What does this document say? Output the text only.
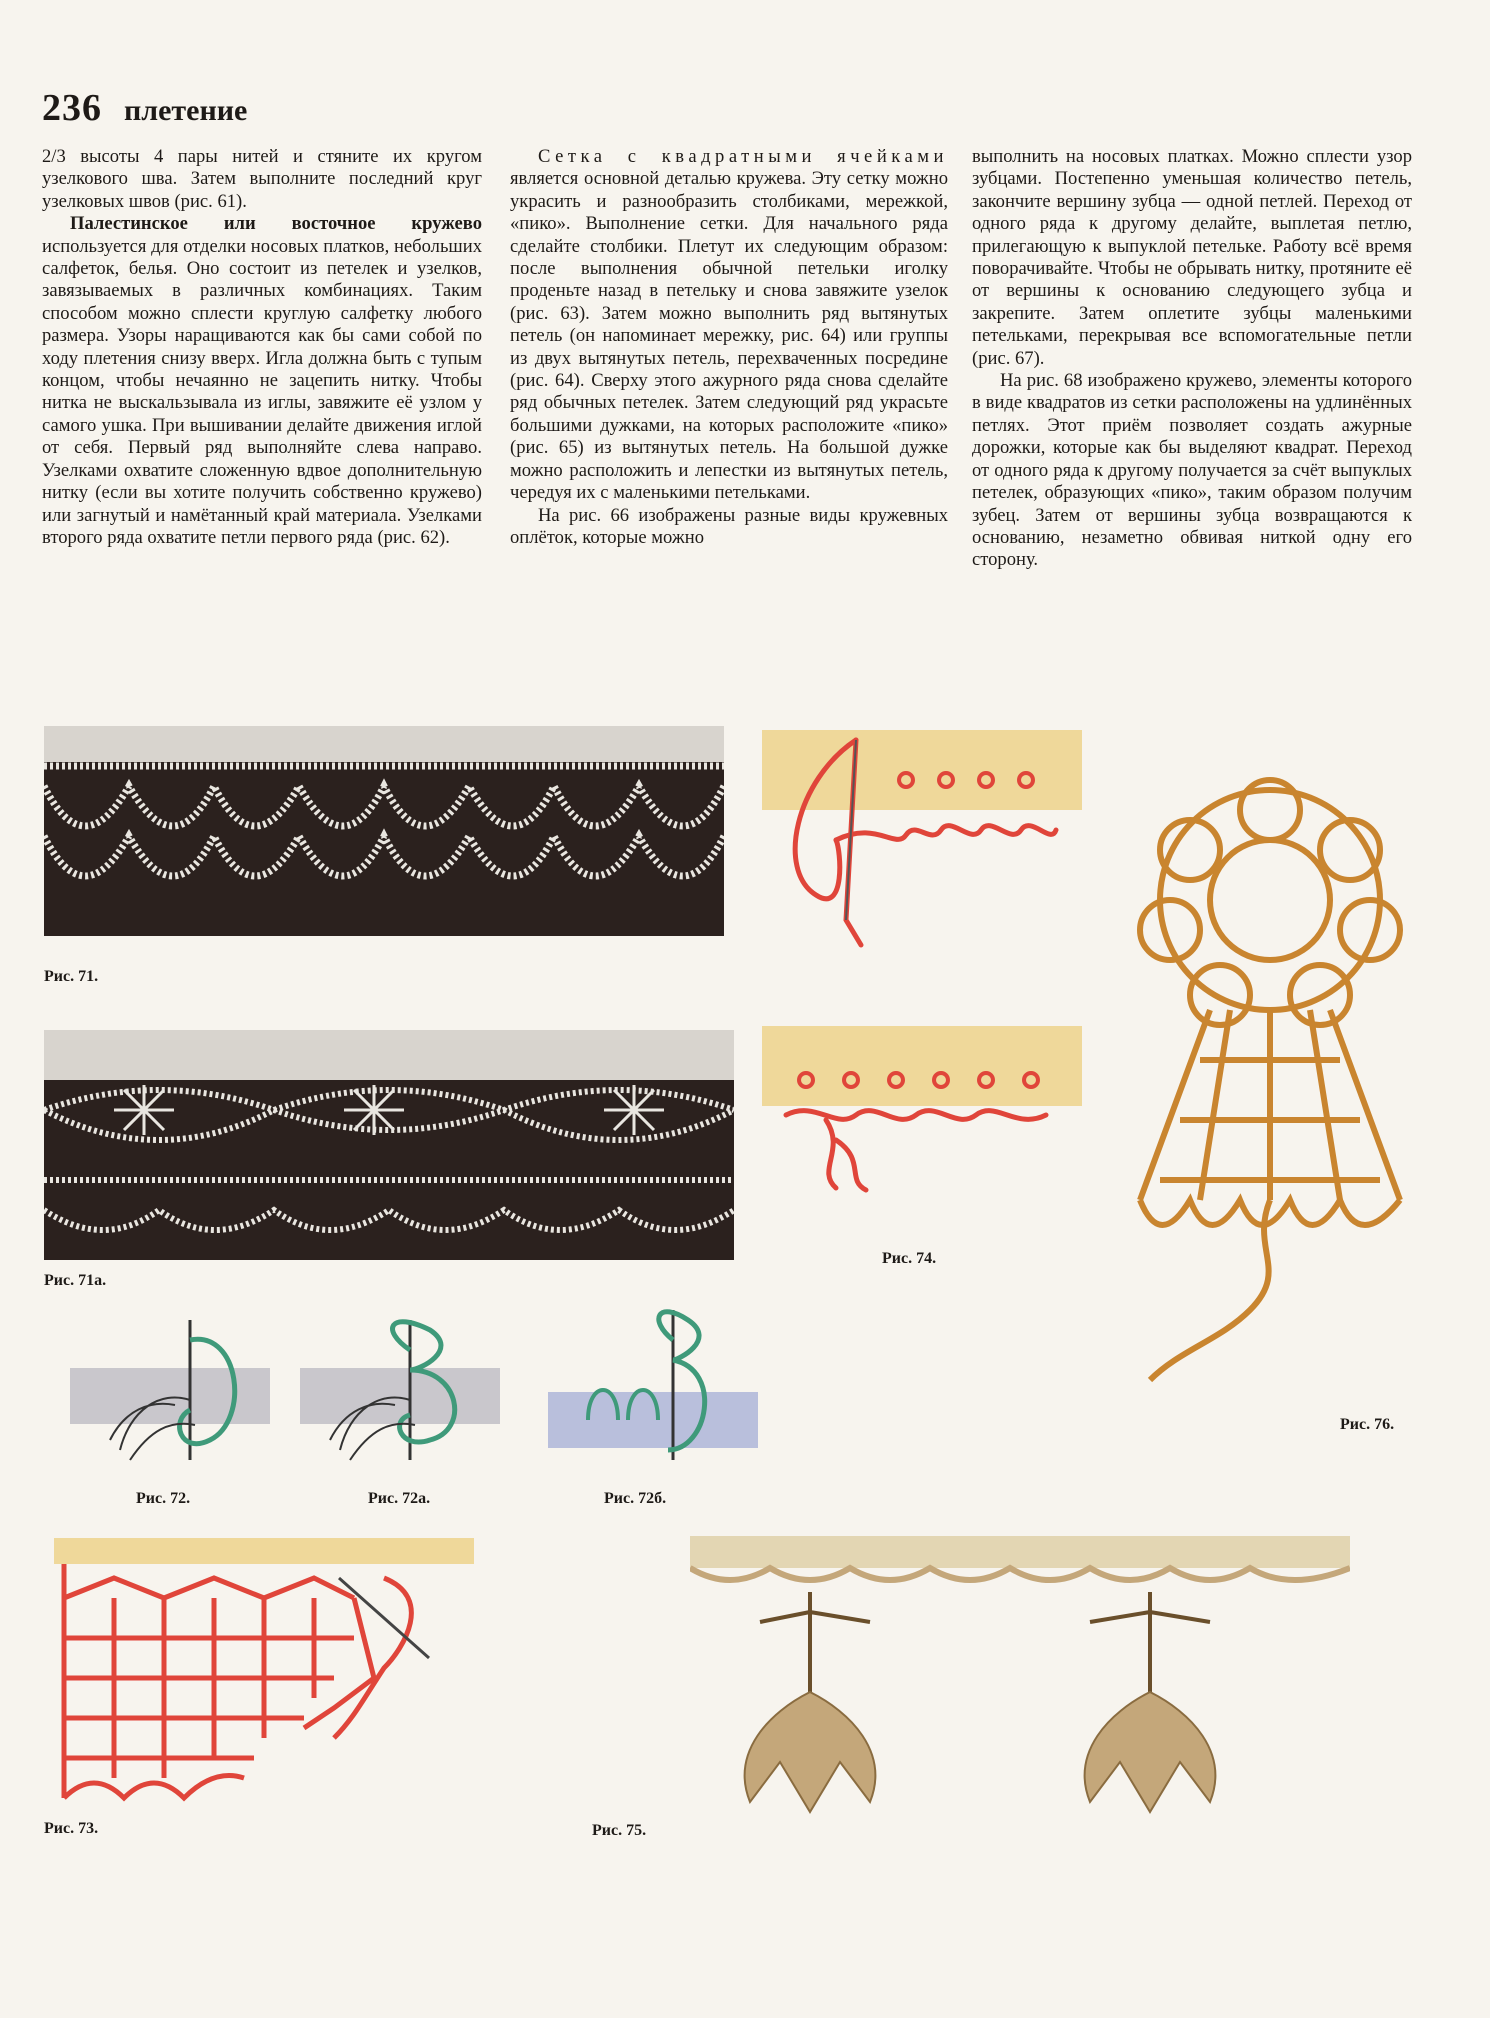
236 плетение

2/3 высоты 4 пары нитей и стяните их кругом узелкового шва. Затем выполните последний круг узелковых швов (рис. 61).

Палестинское или восточное кружево используется для отделки носовых платков, небольших салфеток, белья. Оно состоит из петелек и узелков, завязываемых в различных комбинациях. Таким способом можно сплести круглую салфетку любого размера. Узоры наращиваются как бы сами собой по ходу плетения снизу вверх. Игла должна быть с тупым концом, чтобы нечаянно не зацепить нитку. Чтобы нитка не выскальзывала из иглы, завяжите её узлом у самого ушка. При вышивании делайте движения иглой от себя. Первый ряд выполняйте слева направо. Узелками охватите сложенную вдвое дополнительную нитку (если вы хотите получить собственно кружево) или загнутый и намётанный край материала. Узелками второго ряда охватите петли первого ряда (рис. 62).

Сетка с квадратными ячейками является основной деталью кружева. Эту сетку можно украсить и разнообразить столбиками, мережкой, «пико». Выполнение сетки. Для начального ряда сделайте столбики. Плетут их следующим образом: после выполнения обычной петельки иголку проденьте назад в петельку и снова завяжите узелок (рис. 63). Затем можно выполнить ряд вытянутых петель (он напоминает мережку, рис. 64) или группы из двух вытянутых петель, перехваченных посредине (рис. 64). Сверху этого ажурного ряда снова сделайте ряд обычных петелек. Затем следующий ряд украсьте большими дужками, на которых расположите «пико» (рис. 65) из вытянутых петель. На большой дужке можно расположить и лепестки из вытянутых петель, чередуя их с маленькими петельками.

На рис. 66 изображены разные виды кружевных оплёток, которые можно

выполнить на носовых платках. Можно сплести узор зубцами. Постепенно уменьшая количество петель, закончите вершину зубца — одной петлей. Переход от одного ряда к другому делайте, выплетая петлю, прилегающую к выпуклой петельке. Работу всё время поворачивайте. Чтобы не обрывать нитку, протяните её от вершины к основанию следующего зубца и закрепите. Затем оплетите зубцы маленькими петельками, перекрывая все вспомогательные петли (рис. 67).

На рис. 68 изображено кружево, элементы которого в виде квадратов из сетки расположены на удлинённых петлях. Этот приём позволяет создать ажурные дорожки, которые как бы выделяют квадрат. Переход от одного ряда к другому получается за счёт выпуклых петелек, образующих «пико», таким образом получим зубец. Затем от вершины зубца возвращаются к основанию, незаметно обвивая ниткой одну его сторону.

Рис. 71.
Рис. 71а.
Рис. 74.
Рис. 76.
Рис. 72.	Рис. 72а.	Рис. 72б.
Рис. 73.	Рис. 75.
